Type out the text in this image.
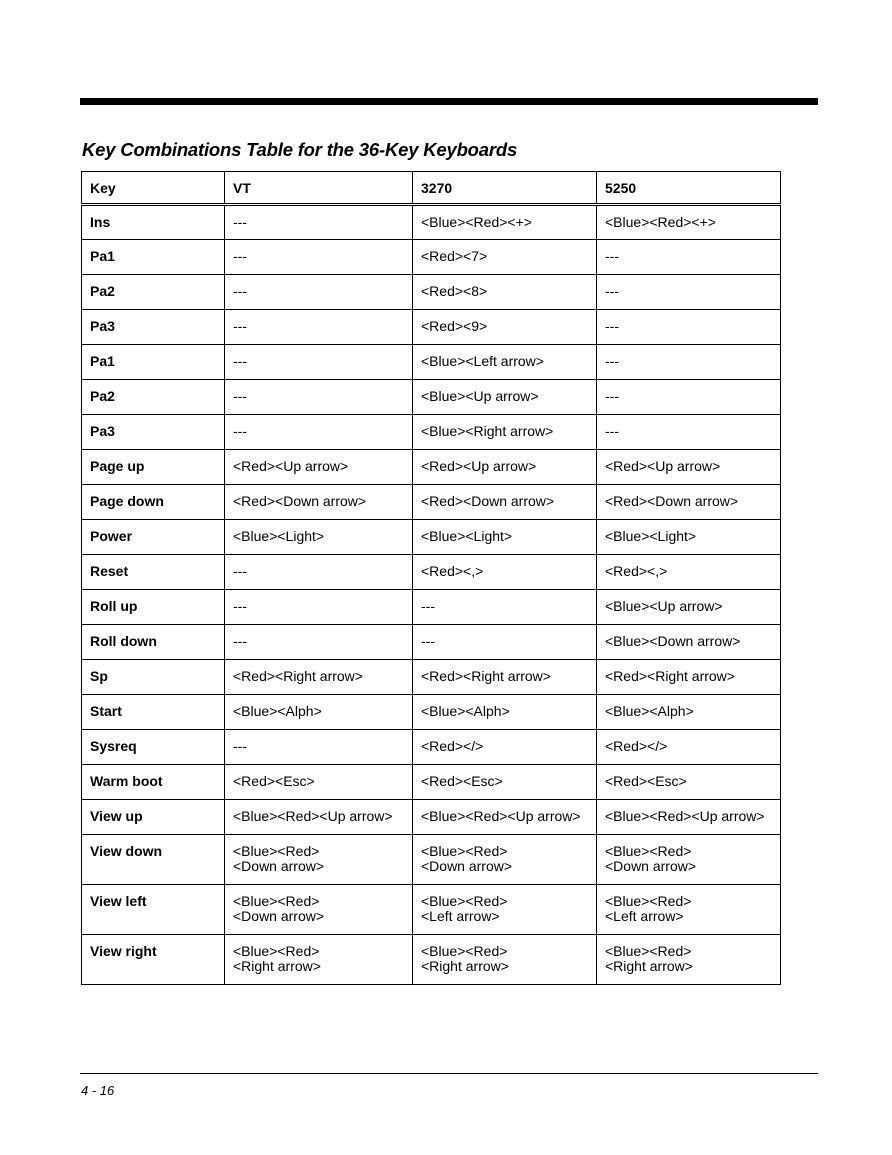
Key Combinations Table for the 36-Key Keyboards
Key	VT	3270	5250
Ins	---	<Blue><Red><+>	<Blue><Red><+>

Pa1	---	<Red><7>	---

Pa2	---	<Red><8>	---

Pa3	---	<Red><9>	---

Pa1	---	<Blue><Left arrow>	---

Pa2	---	<Blue><Up arrow>	---

Pa3	---	<Blue><Right arrow>	---

Page up	<Red><Up arrow>	<Red><Up arrow>	<Red><Up arrow>

Page down	<Red><Down arrow>	<Red><Down arrow>	<Red><Down arrow>

Power	<Blue><Light>	<Blue><Light>	<Blue><Light>

Reset	---	<Red><,>	<Red><,>

Roll up	---	---	<Blue><Up arrow>

Roll down	---	---	<Blue><Down arrow>

Sp	<Red><Right arrow>	<Red><Right arrow>	<Red><Right arrow>

Start	<Blue><Alph>	<Blue><Alph>	<Blue><Alph>

Sysreq	---	<Red></>	<Red></>

Warm boot	<Red><Esc>	<Red><Esc>	<Red><Esc>

View up	<Blue><Red><Up arrow>	<Blue><Red><Up arrow>	<Blue><Red><Up arrow>

View down	<Blue><Red>
<Down arrow>	<Blue><Red>
<Down arrow>	<Blue><Red>
<Down arrow>

View left	<Blue><Red>
<Down arrow>	<Blue><Red>
<Left arrow>	<Blue><Red>
<Left arrow>

View right	<Blue><Red>
<Right arrow>	<Blue><Red>
<Right arrow>	<Blue><Red>
<Right arrow>
4 - 16
